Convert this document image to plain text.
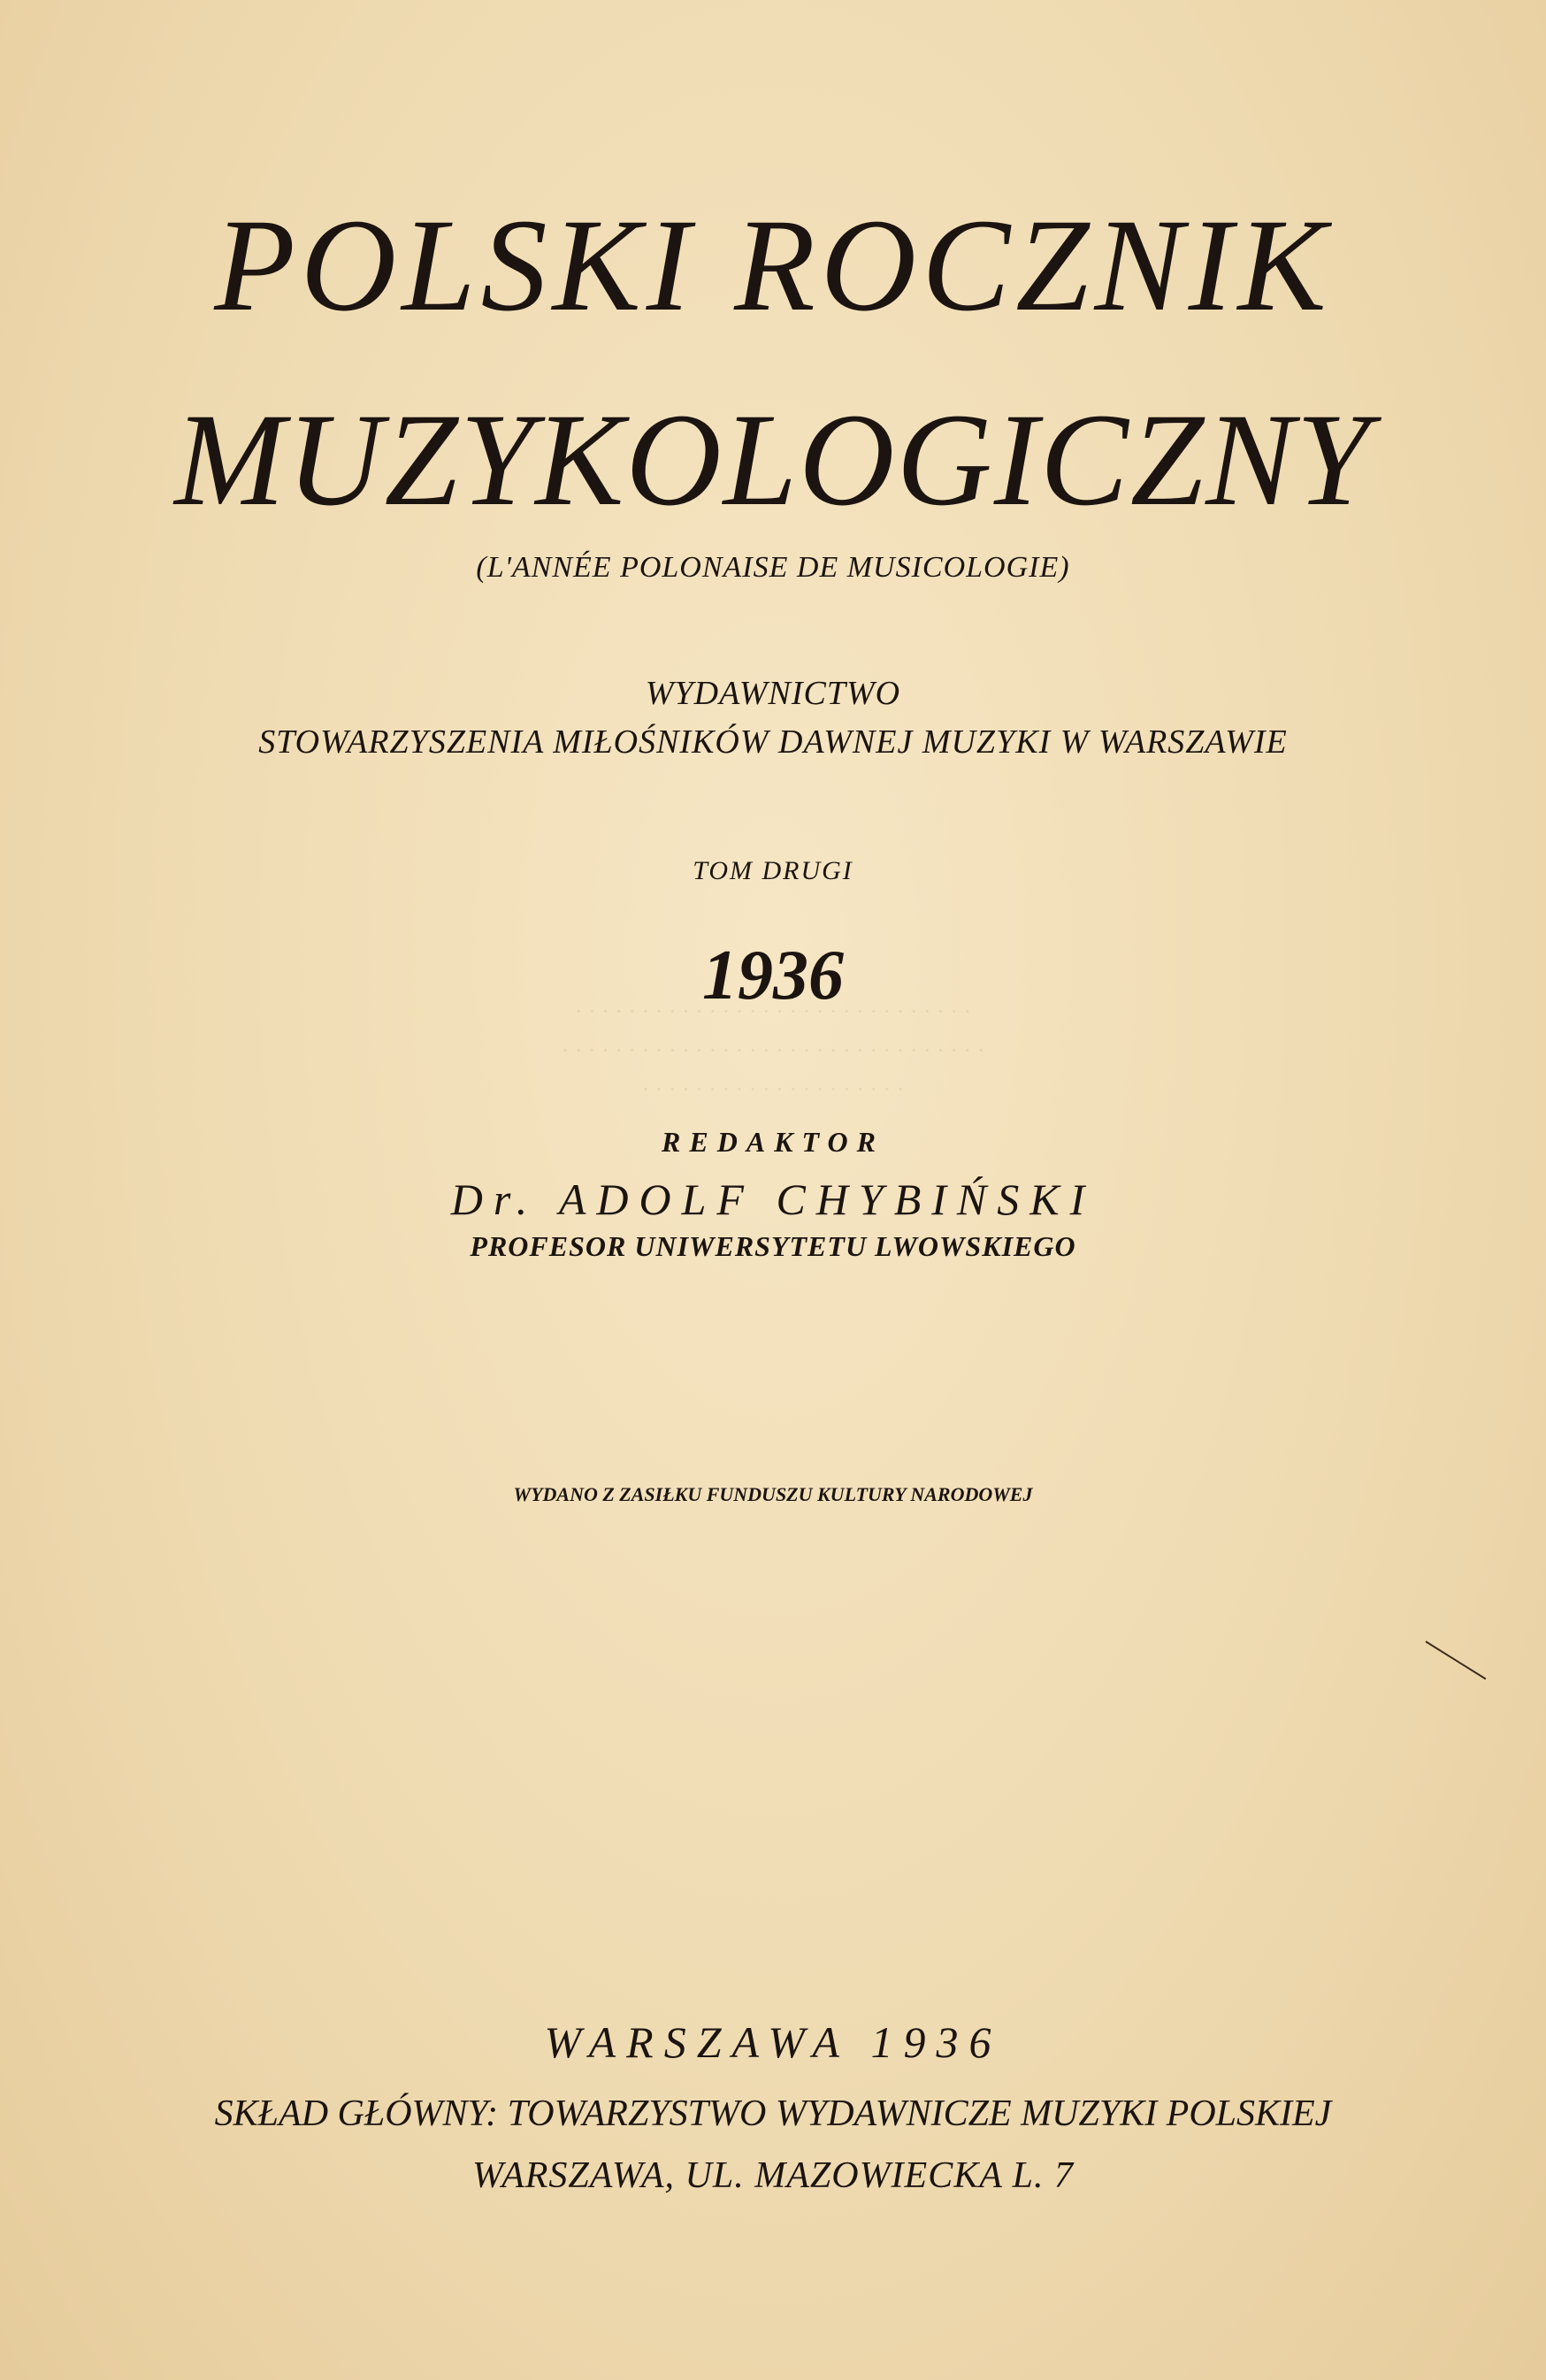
· · · · · · · · · · · · · · · · · · · · · · · · · · · · · ·
· · · · · · · · · · · · · · · · · · · · · · · · · · · · · · · ·
· · · · · · · · · · · · · · · · · · · ·
POLSKI ROCZNIK
MUZYKOLOGICZNY
(L'ANNÉE POLONAISE DE MUSICOLOGIE)
WYDAWNICTWO
STOWARZYSZENIA MIŁOŚNIKÓW DAWNEJ MUZYKI W WARSZAWIE
TOM DRUGI
1936
REDAKTOR
Dr. ADOLF CHYBIŃSKI
PROFESOR UNIWERSYTETU LWOWSKIEGO
WYDANO Z ZASIŁKU FUNDUSZU KULTURY NARODOWEJ
WARSZAWA 1936
SKŁAD GŁÓWNY: TOWARZYSTWO WYDAWNICZE MUZYKI POLSKIEJ
WARSZAWA, UL. MAZOWIECKA L. 7
